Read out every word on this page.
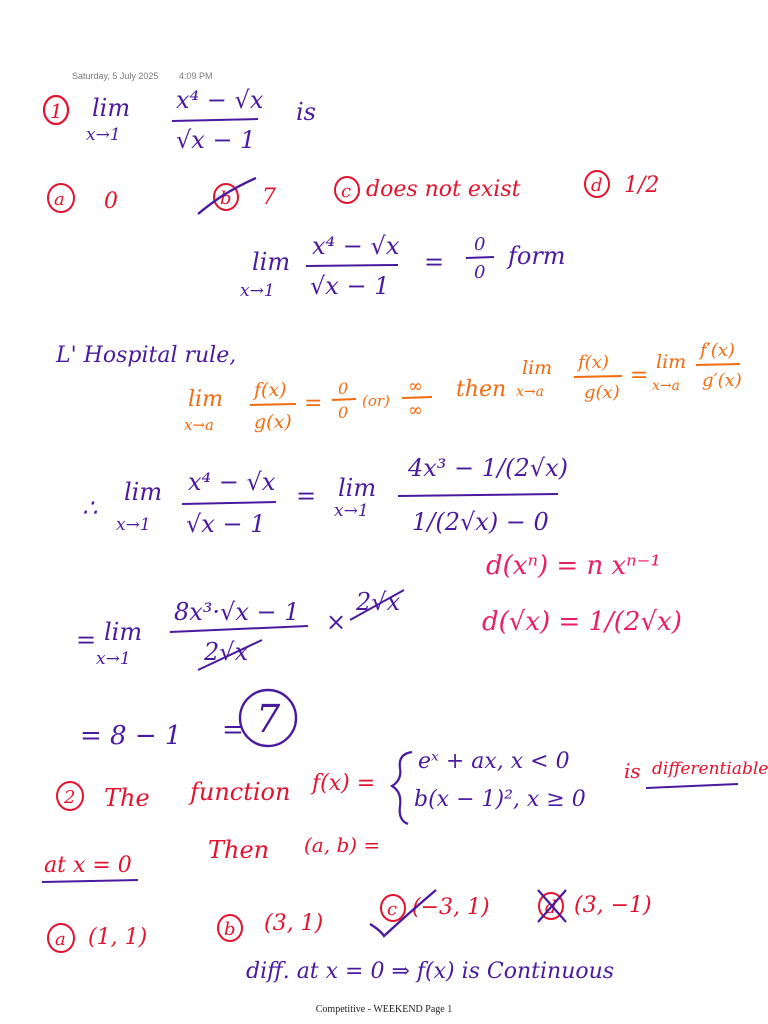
Saturday, 5 July 2025 4:09 PM
1 lim
x→1
x⁴ − √x
√x − 1
is
a 0	b 7	c does not exist	d 1/2
lim
x→1
x⁴ − √x
√x − 1
=
0
0
form
L' Hospital rule,
lim
x→a
f(x)
g(x)
=
0
0
(or)
∞
∞
then
lim
x→a
f(x)
g(x)
=
lim
x→a
f′(x)
g′(x)
∴
lim
x→1
x⁴ − √x
√x − 1
= lim
x→1
4x³ − 1/(2√x)
1/(2√x) − 0
d(xⁿ) = n xⁿ⁻¹
d(√x) = 1/(2√x)
= lim
x→1
8x³·√x − 1
2√x
×
2√x
= 8 − 1 = 7
2 The function f(x) =
eˣ + ax, x < 0
b(x − 1)², x ≥ 0
is differentiable
at x = 0
Then (a, b) =
a (1, 1)	b (3, 1)
c (−3, 1)	d (3, −1)
diff. at x = 0 ⇒ f(x) is Continuous
Competitive - WEEKEND Page 1
